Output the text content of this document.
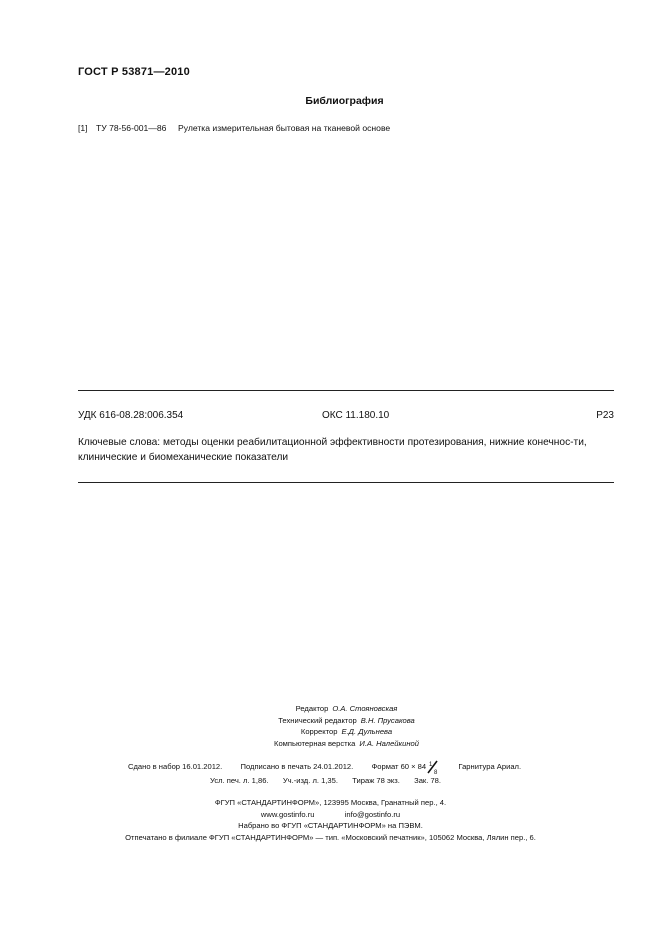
ГОСТ Р 53871—2010
Библиография
[1] ТУ 78-56-001—86 Рулетка измерительная бытовая на тканевой основе
УДК 616-08.28:006.354	ОКС 11.180.10	Р23
Ключевые слова: методы оценки реабилитационной эффективности протезирования, нижние конечнос-ти, клинические и биомеханические показатели
Редактор О.А. Стояновская
Технический редактор В.Н. Прусакова
Корректор Е.Д. Дульнева
Компьютерная верстка И.А. Налейкиной
Сдано в набор 16.01.2012. Подписано в печать 24.01.2012. Формат 60 × 84 1
8
Гарнитура Ариал.
Усл. печ. л. 1,86. Уч.-изд. л. 1,35. Тираж 78 экз. Зак. 78.
ФГУП «СТАНДАРТИНФОРМ», 123995 Москва, Гранатный пер., 4.
www.gostinfo.ru	info@gostinfo.ru
Набрано во ФГУП «СТАНДАРТИНФОРМ» на ПЭВМ.
Отпечатано в филиале ФГУП «СТАНДАРТИНФОРМ» — тип. «Московский печатник», 105062 Москва, Лялин пер., 6.
